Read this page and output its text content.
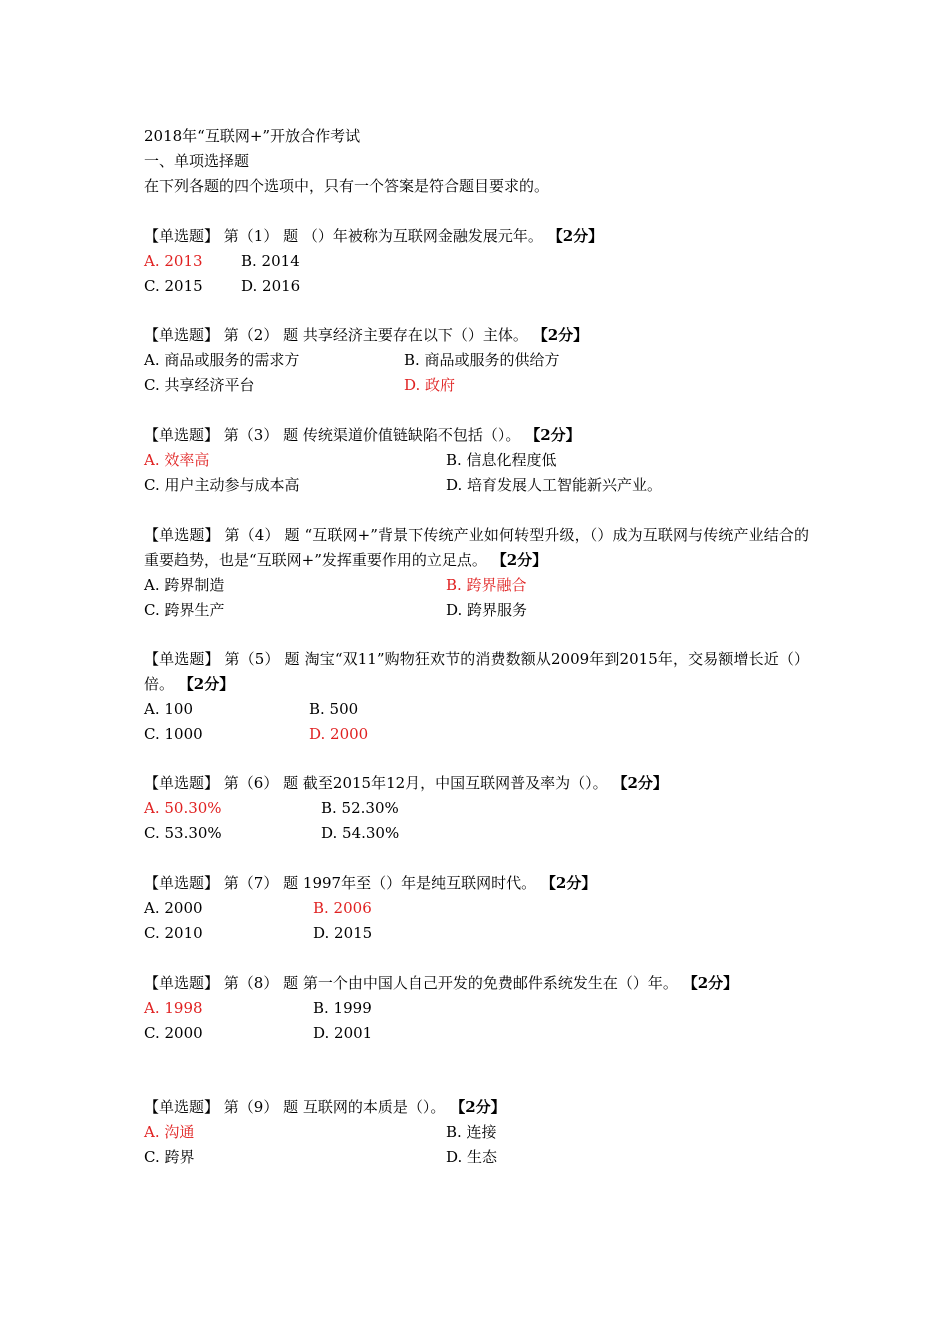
2018年“互联网+”开放合作考试
一、单项选择题
在下列各题的四个选项中，只有一个答案是符合题目要求的。
【单选题】 第（1） 题 （）年被称为互联网金融发展元年。 【2分】
A. 2013	B. 2014
C. 2015	D. 2016
【单选题】 第（2） 题 共享经济主要存在以下（）主体。 【2分】
A. 商品或服务的需求方	B. 商品或服务的供给方
C. 共享经济平台	D. 政府
【单选题】 第（3） 题 传统渠道价值链缺陷不包括（）。 【2分】
A. 效率高	B. 信息化程度低
C. 用户主动参与成本高	D. 培育发展人工智能新兴产业。
【单选题】 第（4） 题 “互联网+”背景下传统产业如何转型升级，（）成为互联网与传统产业结合的重要趋势，也是“互联网+”发挥重要作用的立足点。 【2分】
A. 跨界制造	B. 跨界融合
C. 跨界生产	D. 跨界服务
【单选题】 第（5） 题 淘宝“双11”购物狂欢节的消费数额从2009年到2015年，交易额增长近（）倍。 【2分】
A. 100	B. 500
C. 1000	D. 2000
【单选题】 第（6） 题 截至2015年12月，中国互联网普及率为（）。 【2分】
A. 50.30%	B. 52.30%
C. 53.30%	D. 54.30%
【单选题】 第（7） 题 1997年至（）年是纯互联网时代。 【2分】
A. 2000	B. 2006
C. 2010	D. 2015
【单选题】 第（8） 题 第一个由中国人自己开发的免费邮件系统发生在（）年。 【2分】
A. 1998	B. 1999
C. 2000	D. 2001
【单选题】 第（9） 题 互联网的本质是（）。 【2分】
A. 沟通	B. 连接
C. 跨界	D. 生态
